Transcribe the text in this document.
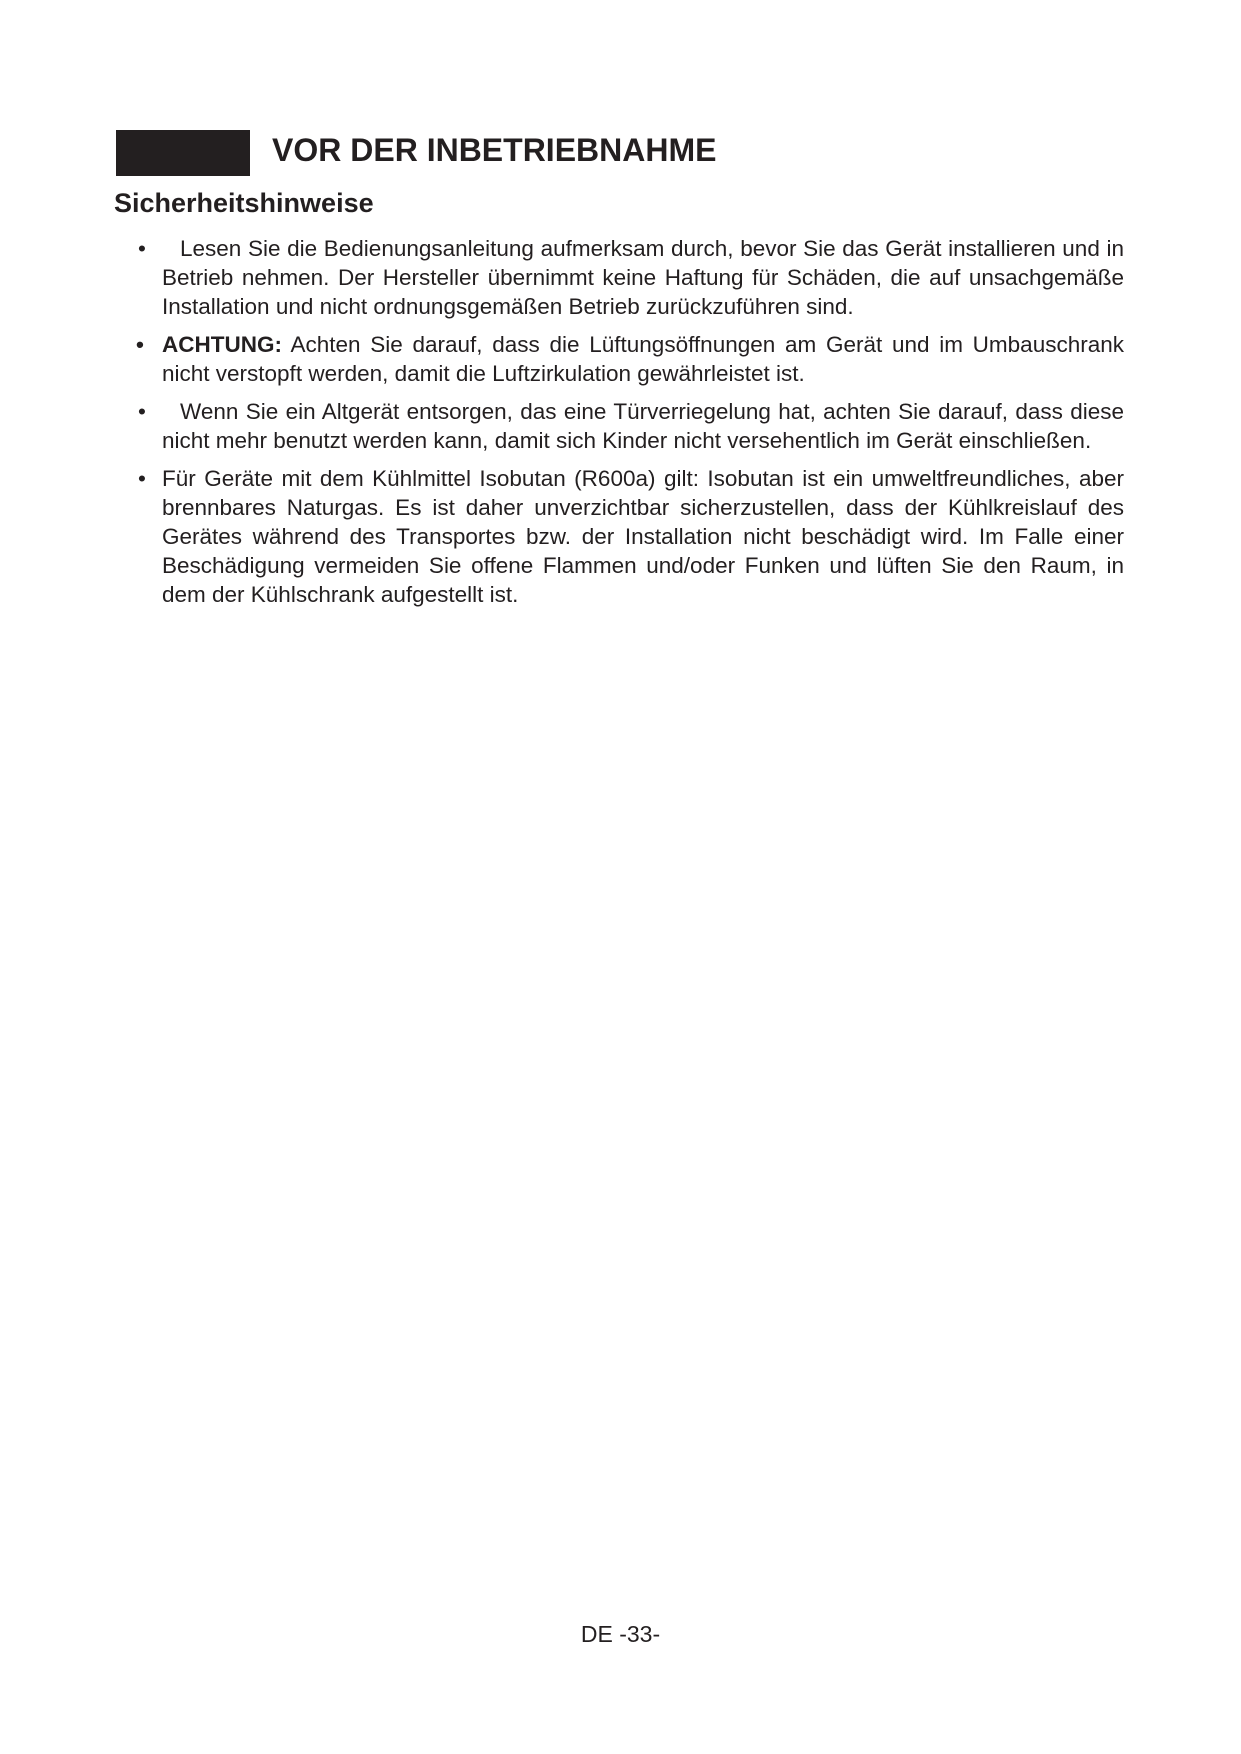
VOR DER INBETRIEBNAHME
Sicherheitshinweise
•	Lesen Sie die Bedienungsanleitung aufmerksam durch, bevor Sie das Gerät installieren und in Betrieb nehmen. Der Hersteller übernimmt keine Haftung für Schäden, die auf unsachgemäße Installation und nicht ordnungsgemäßen Betrieb zurückzuführen sind.
• ACHTUNG: Achten Sie darauf, dass die Lüftungsöffnungen am Gerät und im Umbauschrank nicht verstopft werden, damit die Luftzirkulation gewährleistet ist.
•	Wenn Sie ein Altgerät entsorgen, das eine Türverriegelung hat, achten Sie darauf, dass diese nicht mehr benutzt werden kann, damit sich Kinder nicht versehentlich im Gerät einschließen.
• Für Geräte mit dem Kühlmittel Isobutan (R600a) gilt: Isobutan ist ein umweltfreundliches, aber brennbares Naturgas. Es ist daher unverzichtbar sicherzustellen, dass der Kühlkreislauf des Gerätes während des Transportes bzw. der Installation nicht beschädigt wird. Im Falle einer Beschädigung vermeiden Sie offene Flammen und/oder Funken und lüften Sie den Raum, in dem der Kühlschrank aufgestellt ist.

DE -33-
